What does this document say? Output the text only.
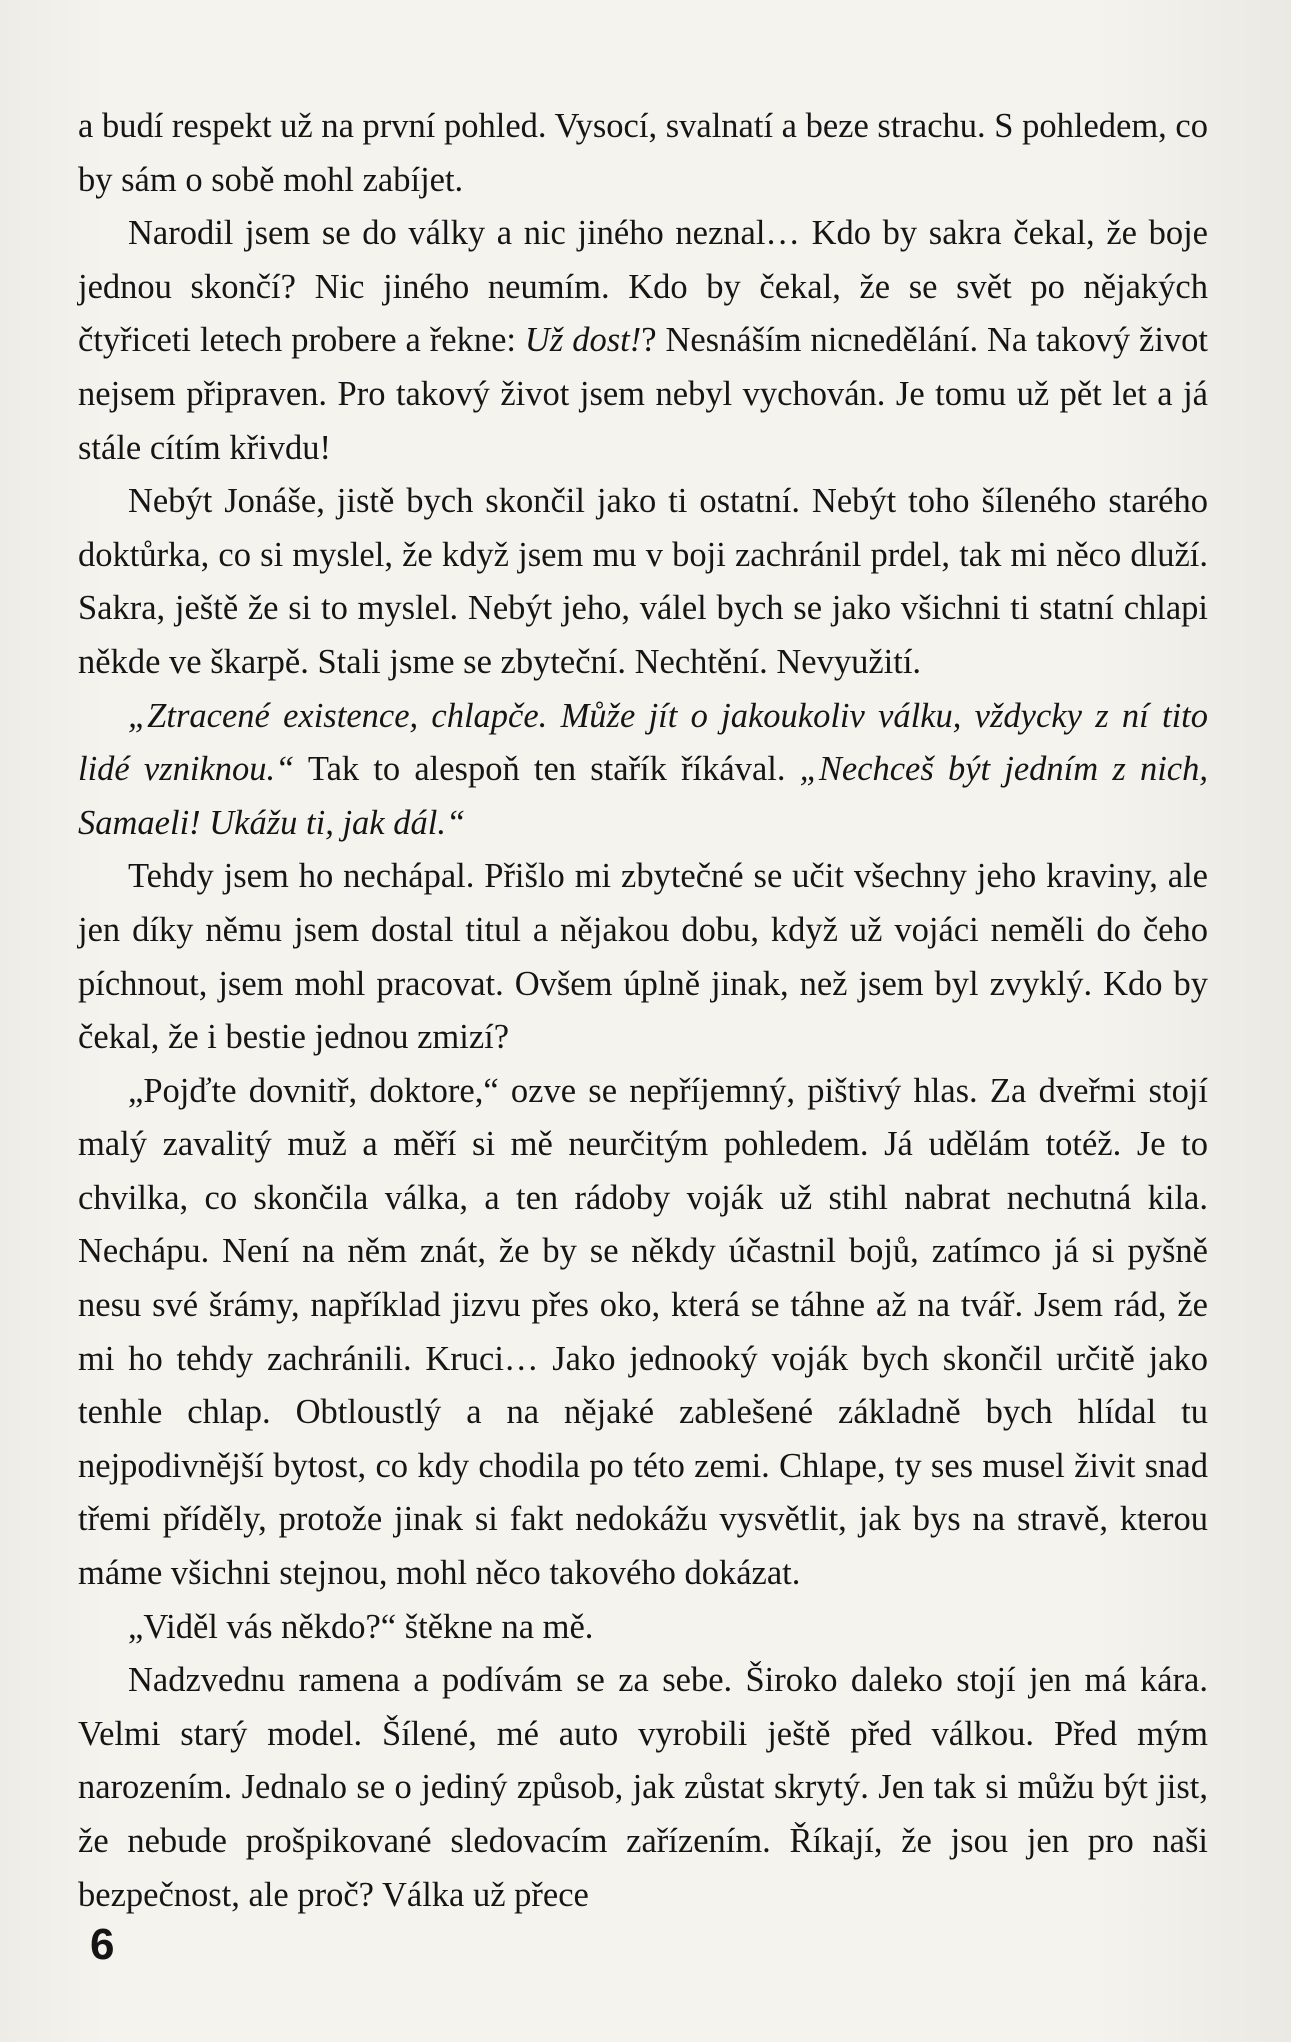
a budí respekt už na první pohled. Vysocí, svalnatí a beze strachu. S pohledem, co by sám o sobě mohl zabíjet.

Narodil jsem se do války a nic jiného neznal… Kdo by sakra čekal, že boje jednou skončí? Nic jiného neumím. Kdo by čekal, že se svět po nějakých čtyřiceti letech probere a řekne: Už dost!? Nesnáším nicnedělání. Na takový život nejsem připraven. Pro takový život jsem nebyl vychován. Je tomu už pět let a já stále cítím křivdu!

Nebýt Jonáše, jistě bych skončil jako ti ostatní. Nebýt toho šíleného starého doktůrka, co si myslel, že když jsem mu v boji zachránil prdel, tak mi něco dluží. Sakra, ještě že si to myslel. Nebýt jeho, válel bych se jako všichni ti statní chlapi někde ve škarpě. Stali jsme se zbyteční. Nechtění. Nevyužití.

„Ztracené existence, chlapče. Může jít o jakoukoliv válku, vždycky z ní tito lidé vzniknou.“ Tak to alespoň ten stařík říkával. „Nechceš být jedním z nich, Samaeli! Ukážu ti, jak dál.“

Tehdy jsem ho nechápal. Přišlo mi zbytečné se učit všechny jeho kraviny, ale jen díky němu jsem dostal titul a nějakou dobu, když už vojáci neměli do čeho píchnout, jsem mohl pracovat. Ovšem úplně jinak, než jsem byl zvyklý. Kdo by čekal, že i bestie jednou zmizí?

„Pojďte dovnitř, doktore,“ ozve se nepříjemný, pištivý hlas. Za dveřmi stojí malý zavalitý muž a měří si mě neurčitým pohledem. Já udělám totéž. Je to chvilka, co skončila válka, a ten rádoby voják už stihl nabrat nechutná kila. Nechápu. Není na něm znát, že by se někdy účastnil bojů, zatímco já si pyšně nesu své šrámy, například jizvu přes oko, která se táhne až na tvář. Jsem rád, že mi ho tehdy zachránili. Kruci… Jako jednooký voják bych skončil určitě jako tenhle chlap. Obtloustlý a na nějaké zablešené základně bych hlídal tu nejpodivnější bytost, co kdy chodila po této zemi. Chlape, ty ses musel živit snad třemi příděly, protože jinak si fakt nedokážu vysvětlit, jak bys na stravě, kterou máme všichni stejnou, mohl něco takového dokázat.

„Viděl vás někdo?“ štěkne na mě.

Nadzvednu ramena a podívám se za sebe. Široko daleko stojí jen má kára. Velmi starý model. Šílené, mé auto vyrobili ještě před válkou. Před mým narozením. Jednalo se o jediný způsob, jak zůstat skrytý. Jen tak si můžu být jist, že nebude prošpikované sledovacím zařízením. Říkají, že jsou jen pro naši bezpečnost, ale proč? Válka už přece

6
